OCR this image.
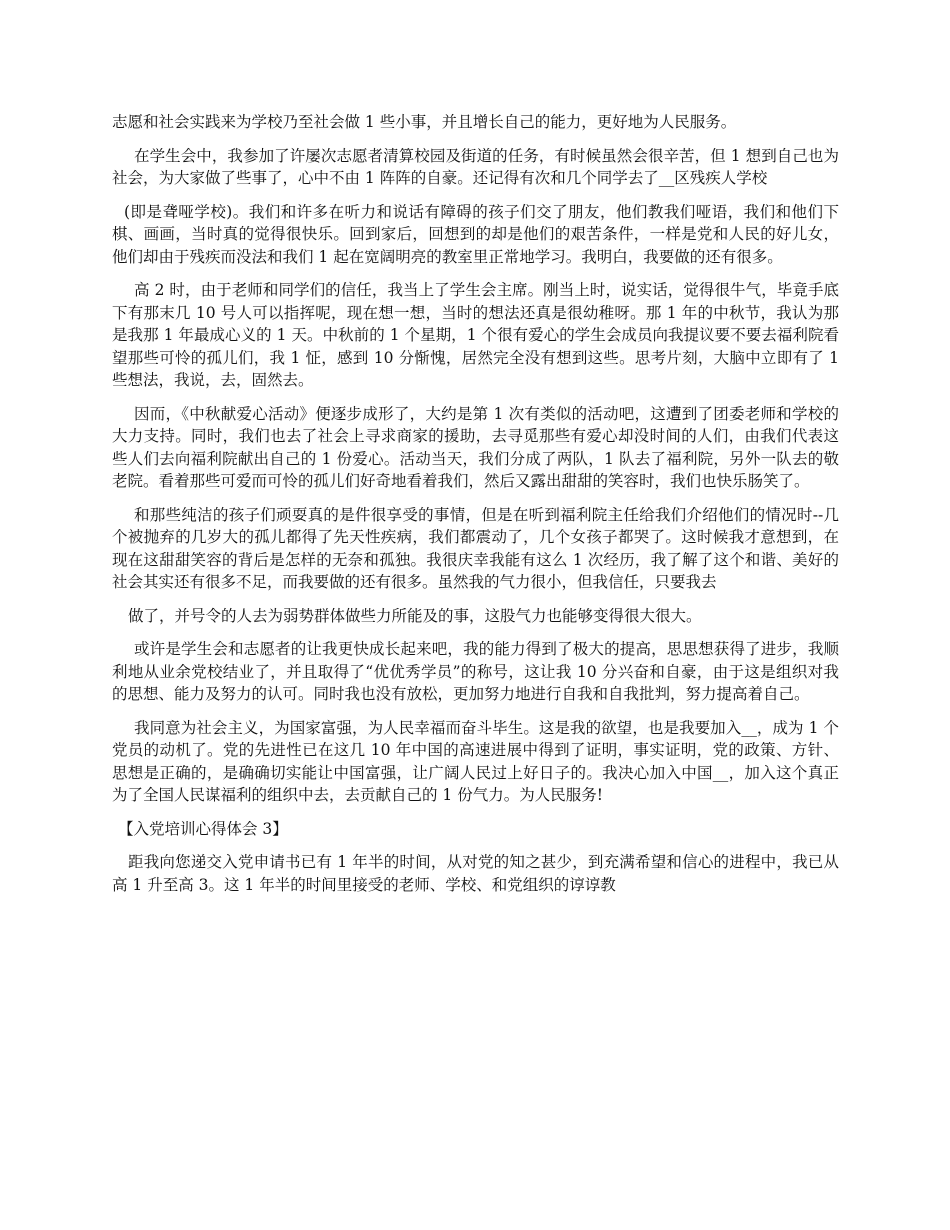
志愿和社会实践来为学校乃至社会做 1 些小事，并且增长自己的能力，更好地为人民服务。

在学生会中，我参加了许屡次志愿者清算校园及街道的任务，有时候虽然会很辛苦，但 1 想到自己也为社会，为大家做了些事了，心中不由 1 阵阵的自豪。还记得有次和几个同学去了__区残疾人学校

(即是聋哑学校)。我们和许多在听力和说话有障碍的孩子们交了朋友，他们教我们哑语，我们和他们下棋、画画，当时真的觉得很快乐。回到家后，回想到的却是他们的艰苦条件，一样是党和人民的好儿女，他们却由于残疾而没法和我们 1 起在宽阔明亮的教室里正常地学习。我明白，我要做的还有很多。

高 2 时，由于老师和同学们的信任，我当上了学生会主席。刚当上时，说实话，觉得很牛气，毕竟手底下有那末几 10 号人可以指挥呢，现在想一想，当时的想法还真是很幼稚呀。那 1 年的中秋节，我认为那是我那 1 年最成心义的 1 天。中秋前的 1 个星期，1 个很有爱心的学生会成员向我提议要不要去福利院看望那些可怜的孤儿们，我 1 怔，感到 10 分惭愧，居然完全没有想到这些。思考片刻，大脑中立即有了 1 些想法，我说，去，固然去。

因而，《中秋献爱心活动》便逐步成形了，大约是第 1 次有类似的活动吧，这遭到了团委老师和学校的大力支持。同时，我们也去了社会上寻求商家的援助，去寻觅那些有爱心却没时间的人们，由我们代表这些人们去向福利院献出自己的 1 份爱心。活动当天，我们分成了两队，1 队去了福利院，另外一队去的敬老院。看着那些可爱而可怜的孤儿们好奇地看着我们，然后又露出甜甜的笑容时，我们也快乐肠笑了。

和那些纯洁的孩子们顽耍真的是件很享受的事情，但是在听到福利院主任给我们介绍他们的情况时--几个被抛弃的几岁大的孤儿都得了先天性疾病，我们都震动了，几个女孩子都哭了。这时候我才意想到，在现在这甜甜笑容的背后是怎样的无奈和孤独。我很庆幸我能有这么 1 次经历，我了解了这个和谐、美好的社会其实还有很多不足，而我要做的还有很多。虽然我的气力很小，但我信任，只要我去

做了，并号令的人去为弱势群体做些力所能及的事，这股气力也能够变得很大很大。

或许是学生会和志愿者的让我更快成长起来吧，我的能力得到了极大的提高，思思想获得了进步，我顺利地从业余党校结业了，并且取得了“优优秀学员”的称号，这让我 10 分兴奋和自豪，由于这是组织对我的思想、能力及努力的认可。同时我也没有放松，更加努力地进行自我和自我批判，努力提高着自己。

我同意为社会主义，为国家富强，为人民幸福而奋斗毕生。这是我的欲望，也是我要加入__，成为 1 个党员的动机了。党的先进性已在这几 10 年中国的高速进展中得到了证明，事实证明，党的政策、方针、思想是正确的，是确确切实能让中国富强，让广阔人民过上好日子的。我决心加入中国__，加入这个真正为了全国人民谋福利的组织中去，去贡献自己的 1 份气力。为人民服务!

【入党培训心得体会 3】

距我向您递交入党申请书已有 1 年半的时间，从对党的知之甚少，到充满希望和信心的进程中，我已从高 1 升至高 3。这 1 年半的时间里接受的老师、学校、和党组织的谆谆教
